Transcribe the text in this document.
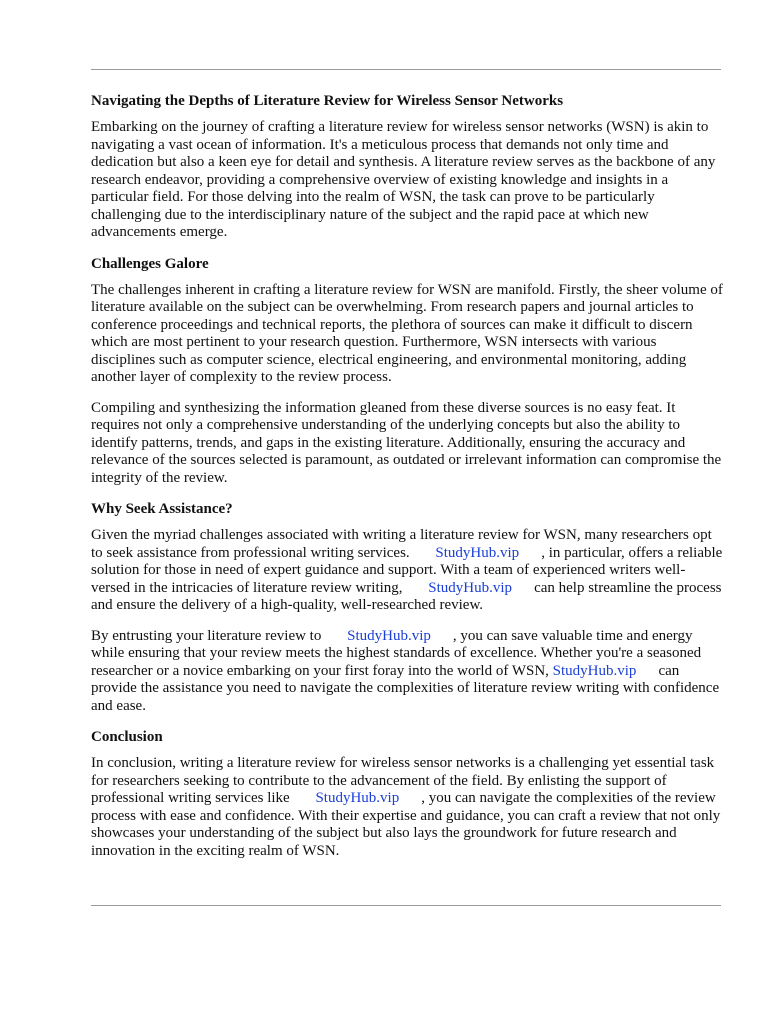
Navigating the Depths of Literature Review for Wireless Sensor Networks

Embarking on the journey of crafting a literature review for wireless sensor networks (WSN) is akin to navigating a vast ocean of information. It's a meticulous process that demands not only time and dedication but also a keen eye for detail and synthesis. A literature review serves as the backbone of any research endeavor, providing a comprehensive overview of existing knowledge and insights in a particular field. For those delving into the realm of WSN, the task can prove to be particularly challenging due to the interdisciplinary nature of the subject and the rapid pace at which new advancements emerge.

Challenges Galore

The challenges inherent in crafting a literature review for WSN are manifold. Firstly, the sheer volume of literature available on the subject can be overwhelming. From research papers and journal articles to conference proceedings and technical reports, the plethora of sources can make it difficult to discern which are most pertinent to your research question. Furthermore, WSN intersects with various disciplines such as computer science, electrical engineering, and environmental monitoring, adding another layer of complexity to the review process.

Compiling and synthesizing the information gleaned from these diverse sources is no easy feat. It requires not only a comprehensive understanding of the underlying concepts but also the ability to identify patterns, trends, and gaps in the existing literature. Additionally, ensuring the accuracy and relevance of the sources selected is paramount, as outdated or irrelevant information can compromise the integrity of the review.

Why Seek Assistance?

Given the myriad challenges associated with writing a literature review for WSN, many researchers opt to seek assistance from professional writing services. StudyHub.vip , in particular, offers a reliable solution for those in need of expert guidance and support. With a team of experienced writers well-versed in the intricacies of literature review writing, StudyHub.vip can help streamline the process and ensure the delivery of a high-quality, well-researched review.

By entrusting your literature review to StudyHub.vip , you can save valuable time and energy while ensuring that your review meets the highest standards of excellence. Whether you're a seasoned researcher or a novice embarking on your first foray into the world of WSN, StudyHub.vip can provide the assistance you need to navigate the complexities of literature review writing with confidence and ease.

Conclusion

In conclusion, writing a literature review for wireless sensor networks is a challenging yet essential task for researchers seeking to contribute to the advancement of the field. By enlisting the support of professional writing services like StudyHub.vip , you can navigate the complexities of the review process with ease and confidence. With their expertise and guidance, you can craft a review that not only showcases your understanding of the subject but also lays the groundwork for future research and innovation in the exciting realm of WSN.
